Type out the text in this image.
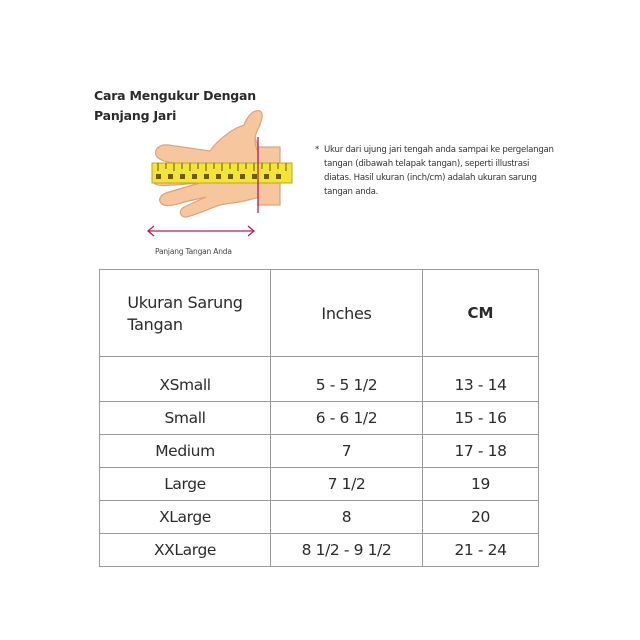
Cara Mengukur Dengan
Panjang Jari
Panjang Tangan Anda
* Ukur dari ujung jari tengah anda sampai ke pergelangan tangan (dibawah telapak tangan), seperti illustrasi diatas. Hasil ukuran (inch/cm) adalah ukuran sarung tangan anda.
Ukuran Sarung
Tangan	Inches	CM

XSmall	5 - 5 1/2	13 - 14
Small	6 - 6 1/2	15 - 16
Medium	7	17 - 18
Large	7 1/2	19
XLarge	8	20
XXLarge	8 1/2 - 9 1/2	21 - 24
